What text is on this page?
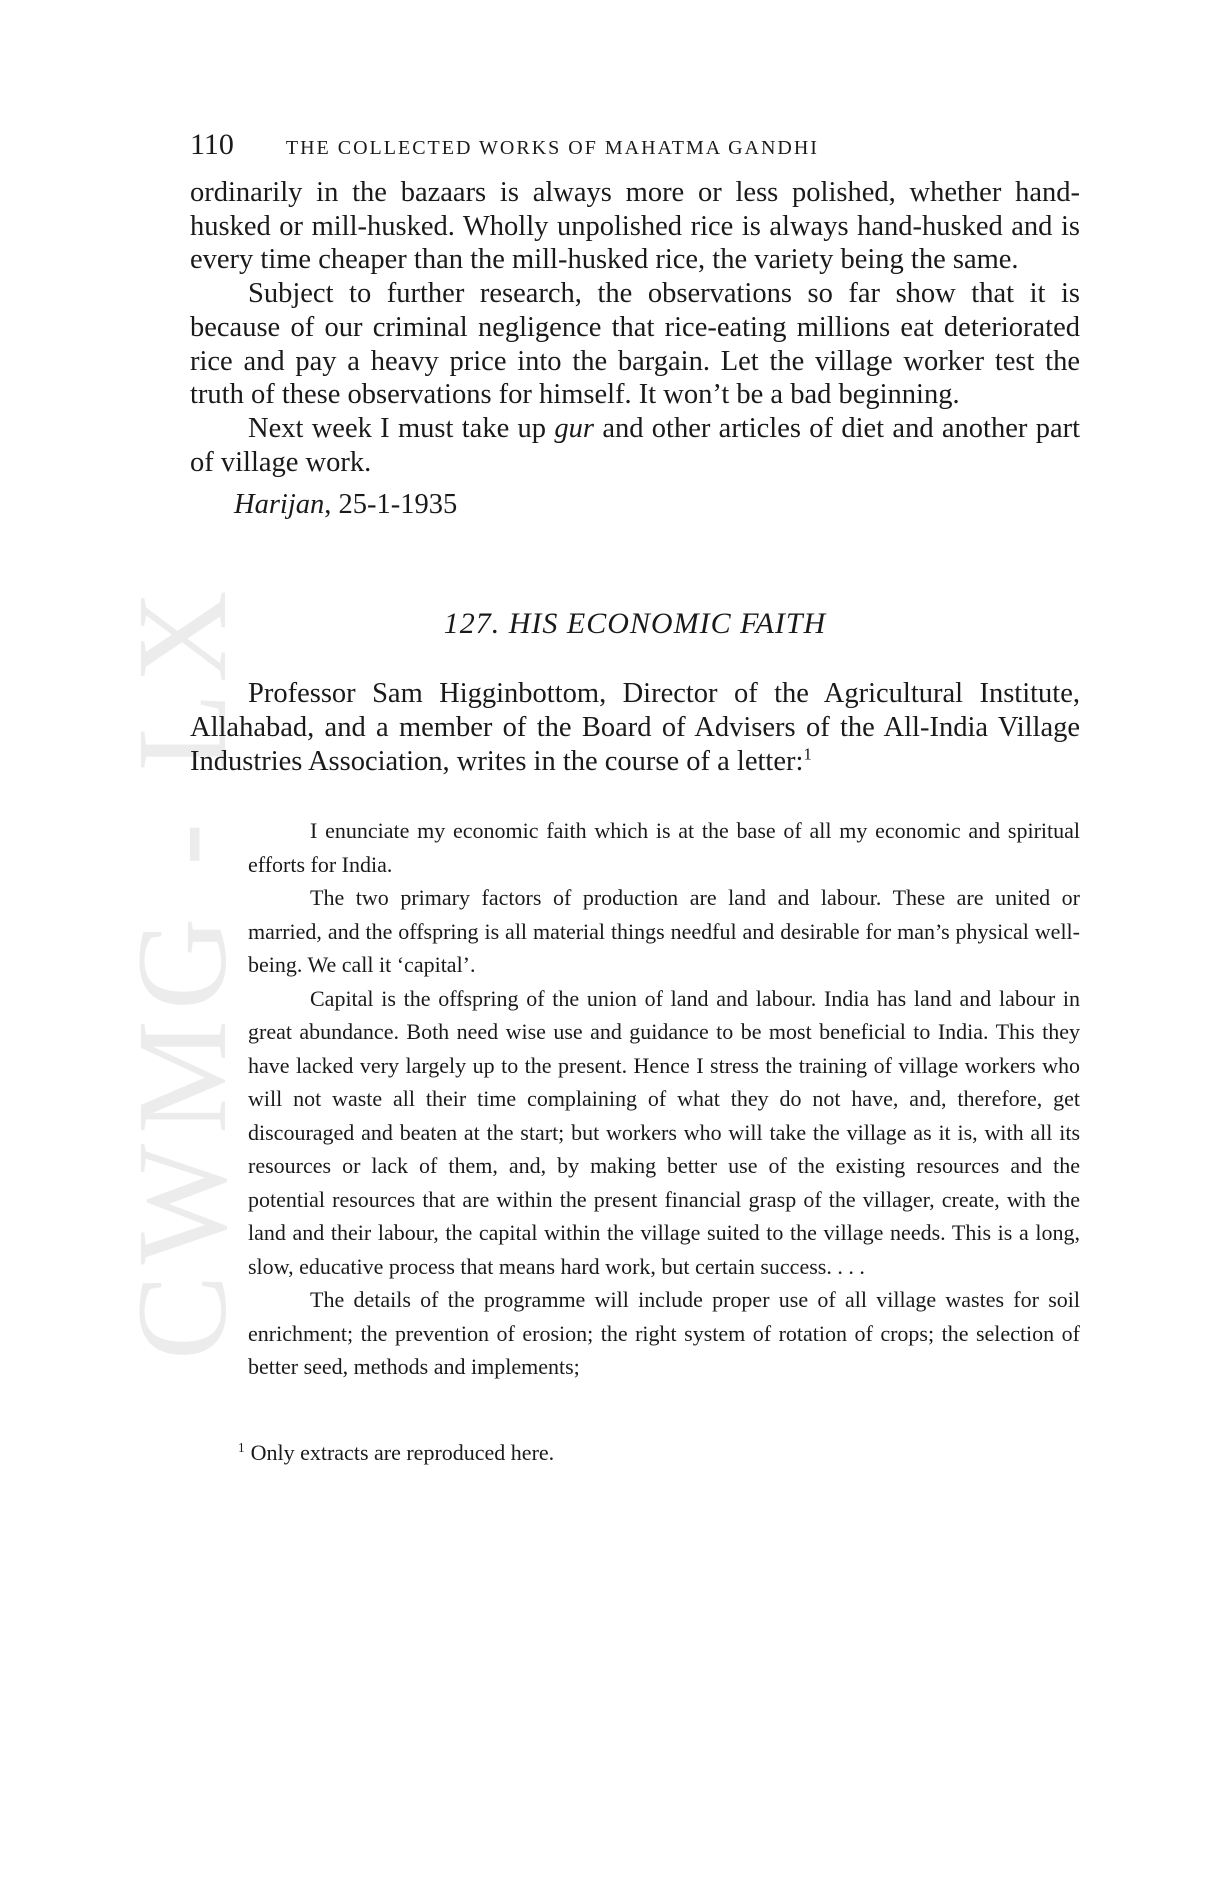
CWMG - LX
110	THE COLLECTED WORKS OF MAHATMA GANDHI

ordinarily in the bazaars is always more or less polished, whether hand-husked or mill-husked. Wholly unpolished rice is always hand-husked and is every time cheaper than the mill-husked rice, the variety being the same.

Subject to further research, the observations so far show that it is because of our criminal negligence that rice-eating millions eat deteriorated rice and pay a heavy price into the bargain. Let the village worker test the truth of these observations for himself. It won’t be a bad beginning.

Next week I must take up gur and other articles of diet and another part of village work.

Harijan, 25-1-1935
127. HIS ECONOMIC FAITH

Professor Sam Higginbottom, Director of the Agricultural Institute, Allahabad, and a member of the Board of Advisers of the All-India Village Industries Association, writes in the course of a letter:$^1$

I enunciate my economic faith which is at the base of all my economic and spiritual efforts for India.

The two primary factors of production are land and labour. These are united or married, and the offspring is all material things needful and desirable for man’s physical well-being. We call it ‘capital’.

Capital is the offspring of the union of land and labour. India has land and labour in great abundance. Both need wise use and guidance to be most beneficial to India. This they have lacked very largely up to the present. Hence I stress the training of village workers who will not waste all their time complaining of what they do not have, and, therefore, get discouraged and beaten at the start; but workers who will take the village as it is, with all its resources or lack of them, and, by making better use of the existing resources and the potential resources that are within the present financial grasp of the villager, create, with the land and their labour, the capital within the village suited to the village needs. This is a long, slow, educative process that means hard work, but certain success. . . .

The details of the programme will include proper use of all village wastes for soil enrichment; the prevention of erosion; the right system of rotation of crops; the selection of better seed, methods and implements;

$^1$ Only extracts are reproduced here.
